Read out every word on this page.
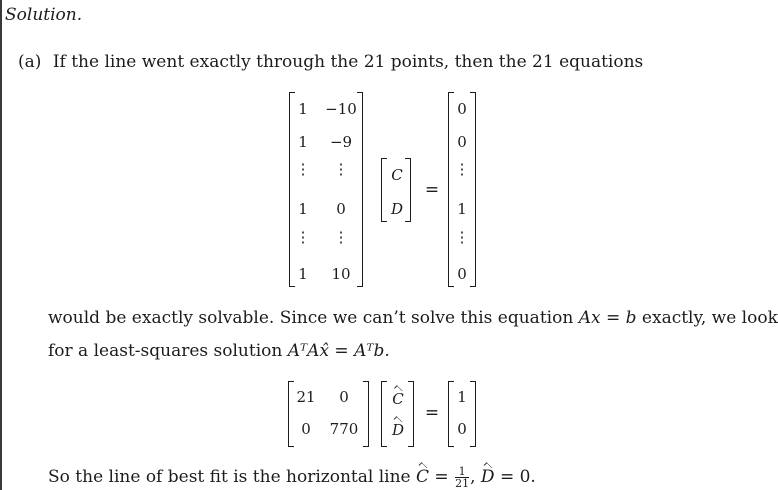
Solution.
(a) If the line went exactly through the 21 points, then the 21 equations
1
1
⋮
1
⋮
1
−10
−9
⋮
0
⋮
10
C
D
=
0
0
⋮
1
⋮
0
would be exactly solvable. Since we can’t solve this equation Ax = b exactly, we look
for a least-squares solution AᵀAx̂ = Aᵀb.
21 0
0 770
C
D
=
1
0
So the line of best fit is the horizontal line $C = \frac{1}{21}$ , D = 0.
